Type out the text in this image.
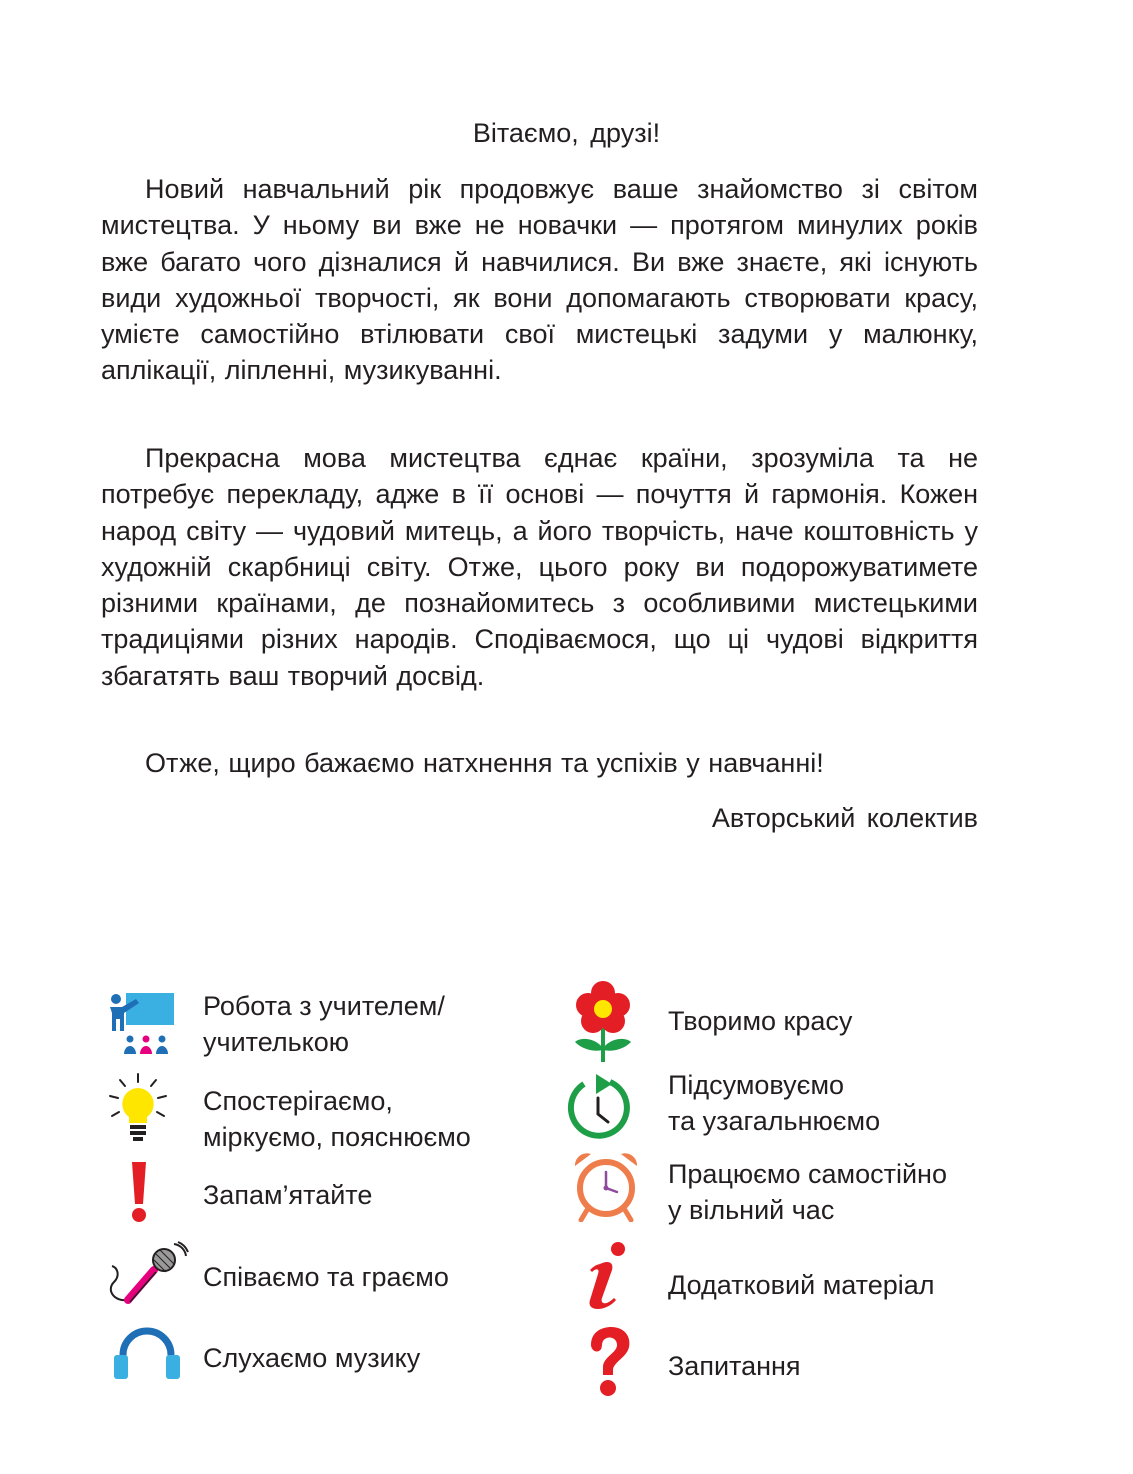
Вітаємо, друзі!

Новий навчальний рік продовжує ваше знайомство зі світом мистецтва. У ньому ви вже не новачки — протягом минулих років вже багато чого дізналися й навчилися. Ви вже знаєте, які існують види художньої творчості, як вони допомагають створювати красу, умієте самостійно втілювати свої мистецькі задуми у малюнку, аплікації, ліпленні, музикуванні.

Прекрасна мова мистецтва єднає країни, зрозуміла та не потребує перекладу, адже в її основі — почуття й гармонія. Кожен народ світу — чудовий митець, а його творчість, наче коштовність у художній скарбниці світу. Отже, цього року ви подорожуватимете різними країнами, де познайомитесь з особливими мистецькими традиціями різних народів. Сподіваємося, що ці чудові відкриття збагатять ваш творчий досвід.

Отже, щиро бажаємо натхнення та успіхів у навчанні!

Авторський колектив
Робота з учителем/
учителькою
Спостерігаємо,
міркуємо, пояснюємо
Запам’ятайте
Співаємо та граємо
Слухаємо музику
Творимо красу
Підсумовуємо
та узагальнюємо
Працюємо самостійно
у вільний час
Додатковий матеріал
Запитання
